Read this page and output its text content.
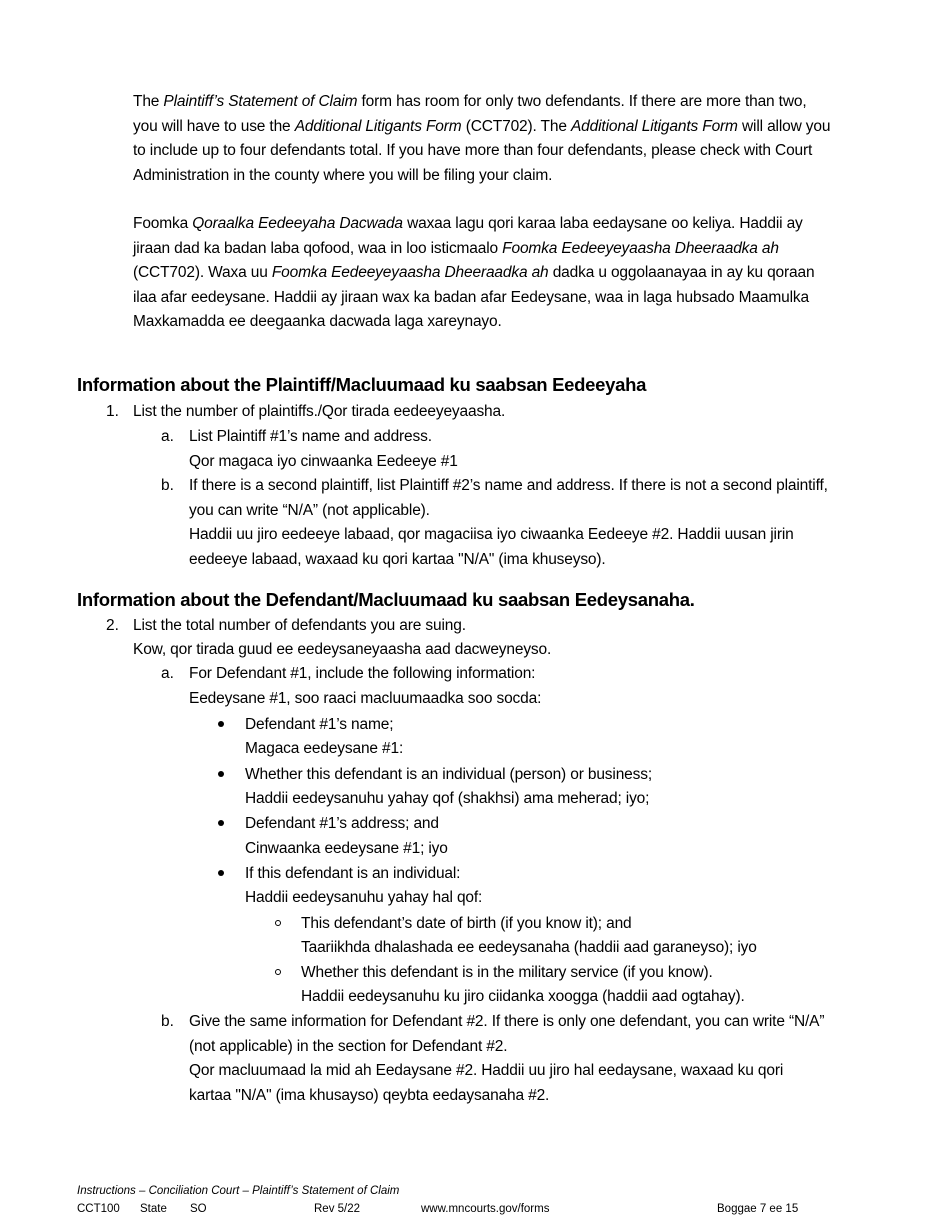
The Plaintiff’s Statement of Claim form has room for only two defendants. If there are more than two, you will have to use the Additional Litigants Form (CCT702). The Additional Litigants Form will allow you to include up to four defendants total. If you have more than four defendants, please check with Court Administration in the county where you will be filing your claim.

Foomka Qoraalka Eedeeyaha Dacwada waxaa lagu qori karaa laba eedaysane oo keliya. Haddii ay jiraan dad ka badan laba qofood, waa in loo isticmaalo Foomka Eedeeyeyaasha Dheeraadka ah (CCT702). Waxa uu Foomka Eedeeyeyaasha Dheeraadka ah dadka u oggolaanayaa in ay ku qoraan ilaa afar eedeysane. Haddii ay jiraan wax ka badan afar Eedeysane, waa in laga hubsado Maamulka Maxkamadda ee deegaanka dacwada laga xareynayo.

Information about the Plaintiff/Macluumaad ku saabsan Eedeeyaha
1. List the number of plaintiffs./Qor tirada eedeeyeyaasha.

a. List Plaintiff #1’s name and address.

Qor magaca iyo cinwaanka Eedeeye #1

b. If there is a second plaintiff, list Plaintiff #2’s name and address. If there is not a second plaintiff, you can write “N/A” (not applicable).

Haddii uu jiro eedeeye labaad, qor magaciisa iyo ciwaanka Eedeeye #2. Haddii uusan jirin eedeeye labaad, waxaad ku qori kartaa "N/A" (ima khuseyso).

Information about the Defendant/Macluumaad ku saabsan Eedeysanaha.
2. List the total number of defendants you are suing.

Kow, qor tirada guud ee eedeysaneyaasha aad dacweyneyso.

a. For Defendant #1, include the following information:

Eedeysane #1, soo raaci macluumaadka soo socda:

Defendant #1’s name;

Magaca eedeysane #1:

Whether this defendant is an individual (person) or business;

Haddii eedeysanuhu yahay qof (shakhsi) ama meherad; iyo;

Defendant #1’s address; and

Cinwaanka eedeysane #1; iyo

If this defendant is an individual:

Haddii eedeysanuhu yahay hal qof:

This defendant’s date of birth (if you know it); and

Taariikhda dhalashada ee eedeysanaha (haddii aad garaneyso); iyo

Whether this defendant is in the military service (if you know).

Haddii eedeysanuhu ku jiro ciidanka xoogga (haddii aad ogtahay).

b. Give the same information for Defendant #2. If there is only one defendant, you can write “N/A” (not applicable) in the section for Defendant #2.

Qor macluumaad la mid ah Eedaysane #2. Haddii uu jiro hal eedaysane, waxaad ku qori kartaa "N/A" (ima khusayso) qeybta eedaysanaha #2.

Instructions – Conciliation Court – Plaintiff’s Statement of Claim
CCT100 State SO	Rev 5/22	www.mncourts.gov/forms	Boggae 7 ee 15
